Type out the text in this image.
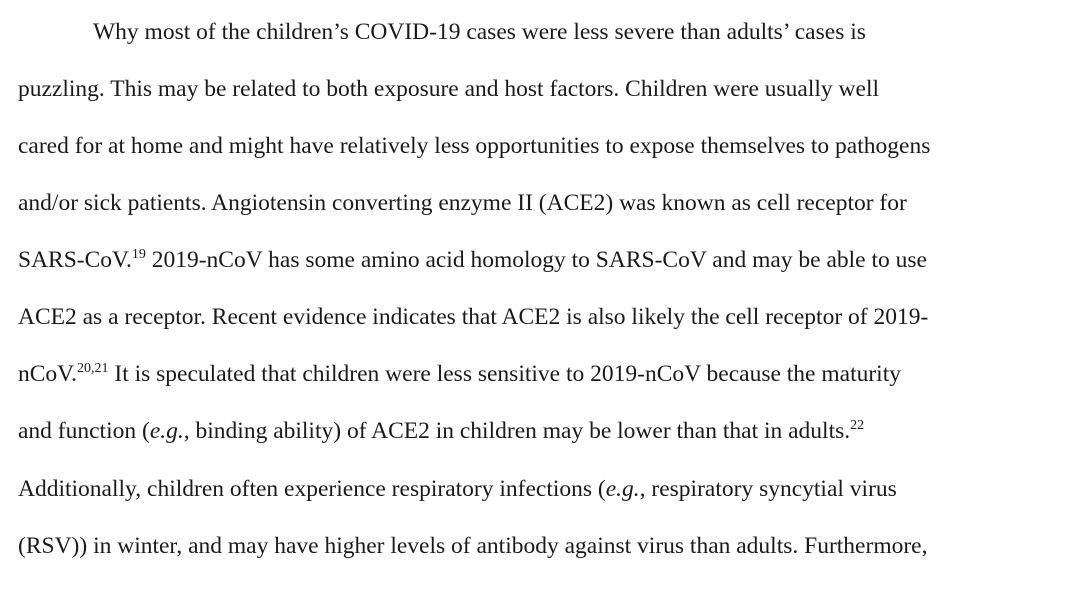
Why most of the children’s COVID-19 cases were less severe than adults’ cases is
puzzling. This may be related to both exposure and host factors. Children were usually well
cared for at home and might have relatively less opportunities to expose themselves to pathogens
and/or sick patients. Angiotensin converting enzyme II (ACE2) was known as cell receptor for
SARS-CoV.$^{19}$ 2019-nCoV has some amino acid homology to SARS-CoV and may be able to use
ACE2 as a receptor. Recent evidence indicates that ACE2 is also likely the cell receptor of 2019-
nCoV.$^{20,21}$ It is speculated that children were less sensitive to 2019-nCoV because the maturity
and function (e.g., binding ability) of ACE2 in children may be lower than that in adults.$^{22}$
Additionally, children often experience respiratory infections (e.g., respiratory syncytial virus
(RSV)) in winter, and may have higher levels of antibody against virus than adults. Furthermore,
